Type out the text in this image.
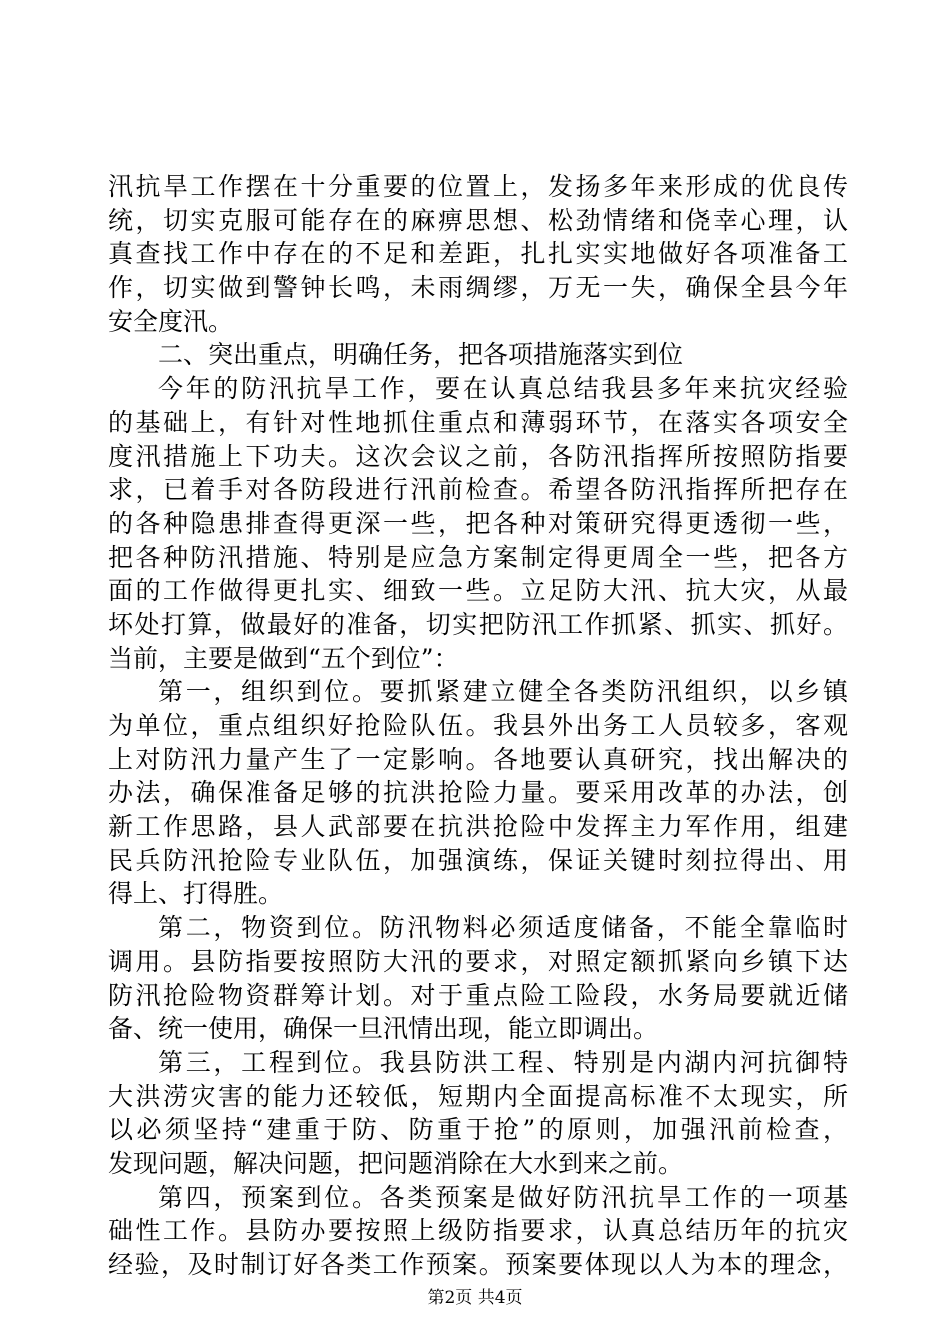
汛抗旱工作摆在十分重要的位置上，发扬多年来形成的优良传
统，切实克服可能存在的麻痹思想、松劲情绪和侥幸心理，认
真查找工作中存在的不足和差距，扎扎实实地做好各项准备工
作，切实做到警钟长鸣，未雨绸缪，万无一失，确保全县今年
安全度汛。
二、突出重点，明确任务，把各项措施落实到位
今年的防汛抗旱工作，要在认真总结我县多年来抗灾经验
的基础上，有针对性地抓住重点和薄弱环节，在落实各项安全
度汛措施上下功夫。这次会议之前，各防汛指挥所按照防指要
求，已着手对各防段进行汛前检查。希望各防汛指挥所把存在
的各种隐患排查得更深一些，把各种对策研究得更透彻一些，
把各种防汛措施、特别是应急方案制定得更周全一些，把各方
面的工作做得更扎实、细致一些。立足防大汛、抗大灾，从最
坏处打算，做最好的准备，切实把防汛工作抓紧、抓实、抓好。
当前，主要是做到“五个到位”：
第一，组织到位。要抓紧建立健全各类防汛组织，以乡镇
为单位，重点组织好抢险队伍。我县外出务工人员较多，客观
上对防汛力量产生了一定影响。各地要认真研究，找出解决的
办法，确保准备足够的抗洪抢险力量。要采用改革的办法，创
新工作思路，县人武部要在抗洪抢险中发挥主力军作用，组建
民兵防汛抢险专业队伍，加强演练，保证关键时刻拉得出、用
得上、打得胜。
第二，物资到位。防汛物料必须适度储备，不能全靠临时
调用。县防指要按照防大汛的要求，对照定额抓紧向乡镇下达
防汛抢险物资群筹计划。对于重点险工险段，水务局要就近储
备、统一使用，确保一旦汛情出现，能立即调出。
第三，工程到位。我县防洪工程、特别是内湖内河抗御特
大洪涝灾害的能力还较低，短期内全面提高标准不太现实，所
以必须坚持“建重于防、防重于抢”的原则，加强汛前检查，
发现问题，解决问题，把问题消除在大水到来之前。
第四，预案到位。各类预案是做好防汛抗旱工作的一项基
础性工作。县防办要按照上级防指要求，认真总结历年的抗灾
经验，及时制订好各类工作预案。预案要体现以人为本的理念，
第2页 共4页
